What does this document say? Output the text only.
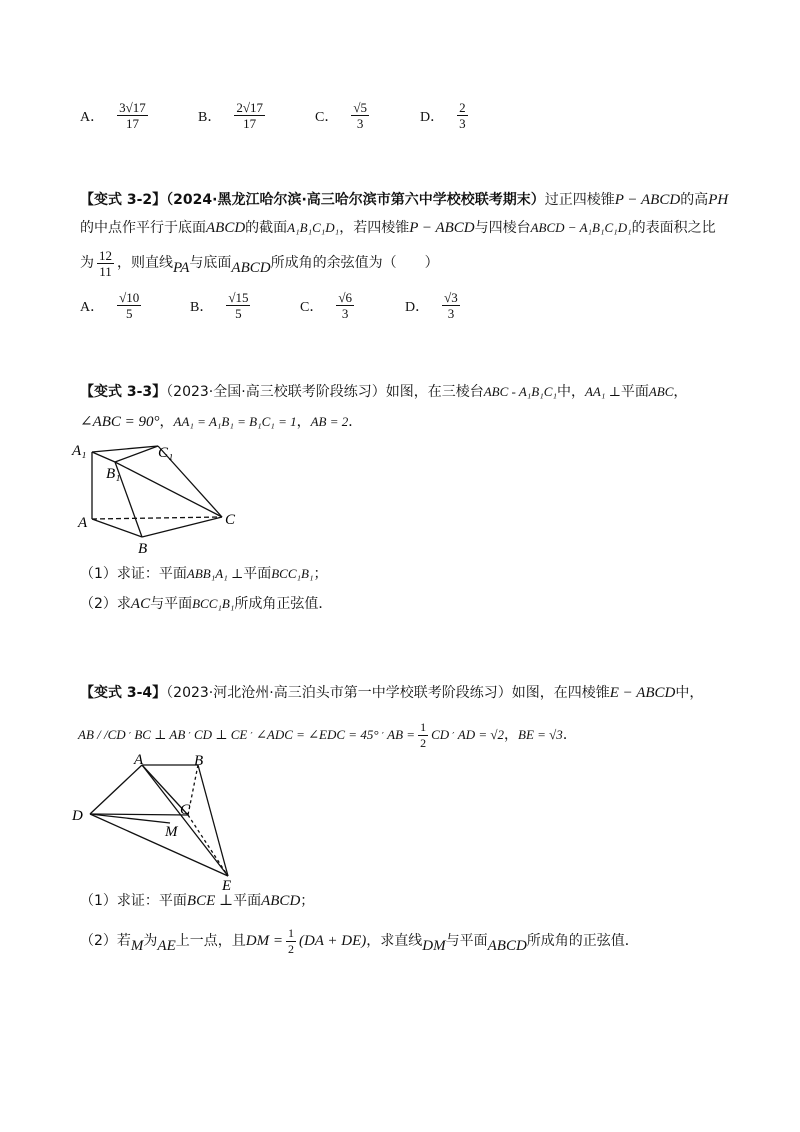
A． $\frac{3√17}{17}$	B． $\frac{2√17}{17}$	C． $\frac{√5}{3}$	D． $\frac{2}{3}$
【变式 3-2】（2024·黑龙江哈尔滨·高三哈尔滨市第六中学校校联考期末）过正四棱锥P − ABCD的高PH
的中点作平行于底面ABCD的截面A₁B₁C₁D₁，若四棱锥P − ABCD与四棱台ABCD − A₁B₁C₁D₁的表面积之比
为 $\frac{12}{11}$ ，则直线PA与底面ABCD所成角的余弦值为（　　）
A． $\frac{√10}{5}$	B． $\frac{√15}{5}$	C． $\frac{√6}{3}$	D． $\frac{√3}{3}$
【变式 3-3】（2023·全国·高三校联考阶段练习）如图，在三棱台ABC - A₁B₁C₁中，AA₁ ⊥平面ABC，
∠ABC = 90°，AA₁ = A₁B₁ = B₁C₁ = 1，AB = 2．
A₁	C₁
B₁
A	C
B
（1）求证：平面ABB₁A₁ ⊥平面BCC₁B₁；
（2）求AC与平面BCC₁B₁所成角正弦值．
【变式 3-4】（2023·河北沧州·高三泊头市第一中学校联考阶段练习）如图，在四棱锥E − ABCD中，
AB / /CD ′ BC ⊥ AB ′ CD ⊥ CE ′ ∠ADC = ∠EDC = 45° ′ AB = $\frac{1}{2}$ CD ′ AD = √2，BE = √3．
A	B
C
D
M
E
（1）求证：平面BCE ⊥平面ABCD；
（2）若M为AE上一点，且DM = $\frac{1}{2} (DA + DE)$，求直线DM与平面ABCD所成角的正弦值．
